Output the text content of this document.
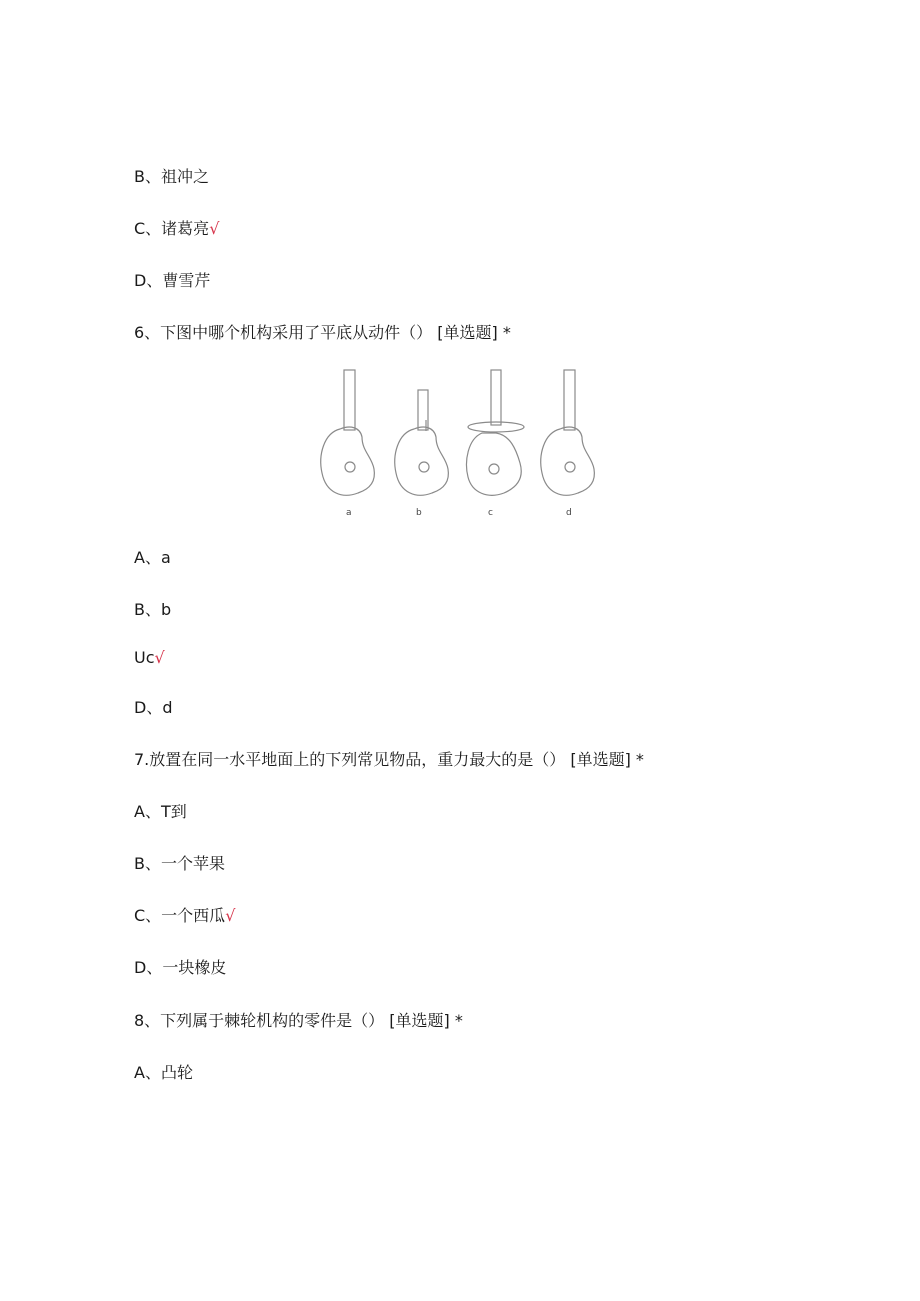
B、祖冲之
C、诸葛亮√
D、曹雪芹
6、下图中哪个机构采用了平底从动件（） [单选题] *
a	b	c	d
A、a
B、b
Uc√
D、d
7.放置在同一水平地面上的下列常见物品，重力最大的是（） [单选题] *
A、T到
B、一个苹果
C、一个西瓜√
D、一块橡皮
8、下列属于棘轮机构的零件是（） [单选题] *
A、凸轮
